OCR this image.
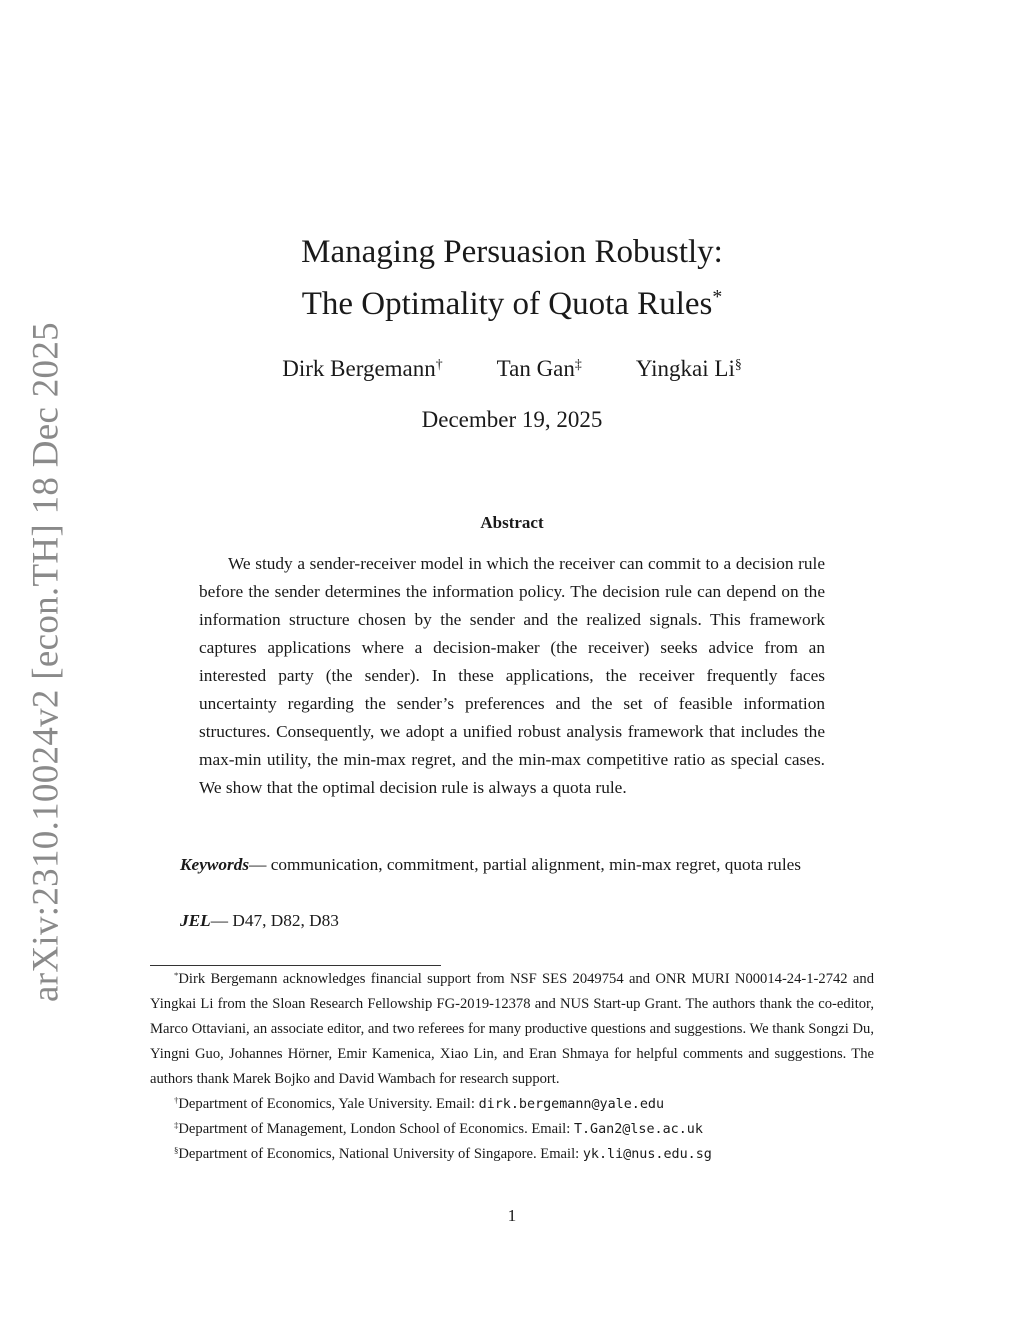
arXiv:2310.10024v2 [econ.TH] 18 Dec 2025
Managing Persuasion Robustly:
The Optimality of Quota Rules*
Dirk Bergemann† Tan Gan‡ Yingkai Li§
December 19, 2025
Abstract

We study a sender-receiver model in which the receiver can commit to a decision rule before the sender determines the information policy. The decision rule can depend on the information structure chosen by the sender and the realized signals. This framework captures applications where a decision-maker (the receiver) seeks advice from an interested party (the sender). In these applications, the receiver frequently faces uncertainty regarding the sender’s preferences and the set of feasible information structures. Consequently, we adopt a unified robust analysis framework that includes the max-min utility, the min-max regret, and the min-max competitive ratio as special cases. We show that the optimal decision rule is always a quota rule.

Keywords— communication, commitment, partial alignment, min-max regret, quota rules

JEL— D47, D82, D83

*Dirk Bergemann acknowledges financial support from NSF SES 2049754 and ONR MURI N00014-24-1-2742 and Yingkai Li from the Sloan Research Fellowship FG-2019-12378 and NUS Start-up Grant. The authors thank the co-editor, Marco Ottaviani, an associate editor, and two referees for many productive questions and suggestions. We thank Songzi Du, Yingni Guo, Johannes Hörner, Emir Kamenica, Xiao Lin, and Eran Shmaya for helpful comments and suggestions. The authors thank Marek Bojko and David Wambach for research support.

†Department of Economics, Yale University. Email: dirk.bergemann@yale.edu

‡Department of Management, London School of Economics. Email: T.Gan2@lse.ac.uk

§Department of Economics, National University of Singapore. Email: yk.li@nus.edu.sg

1
